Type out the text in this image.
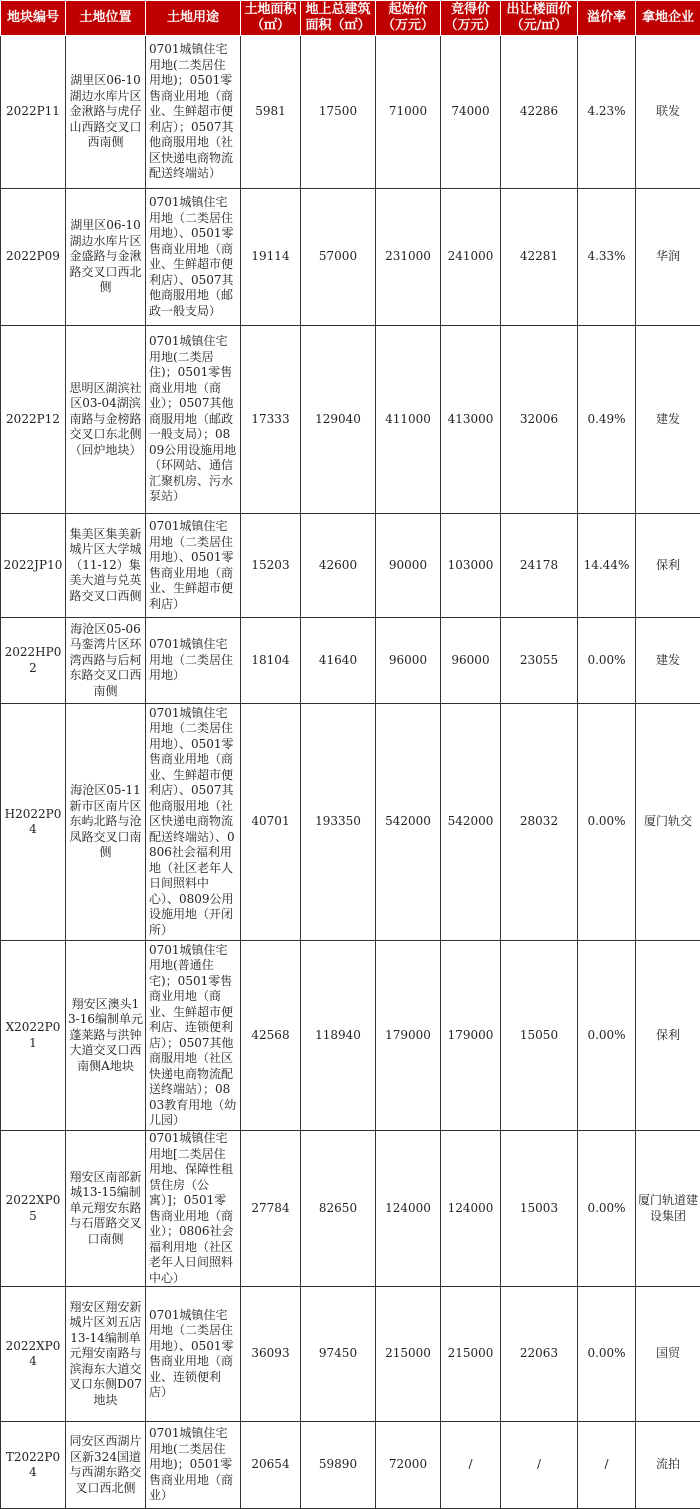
地块编号	土地位置	土地用途	土地面积（㎡）	地上总建筑面积（㎡）	起始价（万元）	竞得价（万元）	出让楼面价（元/㎡）	溢价率	拿地企业
2022P11	湖里区06-10湖边水库片区金湫路与虎仔山西路交叉口西南侧	0701城镇住宅用地(二类居住用地)；0501零售商业用地（商业、生鲜超市便利店）；0507其他商服用地（社区快递电商物流配送终端站）	5981	17500	71000	74000	42286	4.23%	联发
2022P09	湖里区06-10湖边水库片区金盛路与金湫路交叉口西北侧	0701城镇住宅用地（二类居住用地）、0501零售商业用地（商业、生鲜超市便利店）、0507其他商服用地（邮政一般支局）	19114	57000	231000	241000	42281	4.33%	华润
2022P12	思明区湖滨社区03-04湖滨南路与金榜路交叉口东北侧（回炉地块）	0701城镇住宅用地(二类居住)；0501零售商业用地（商业）；0507其他商服用地（邮政一般支局）；0809公用设施用地（环网站、通信汇聚机房、污水泵站）	17333	129040	411000	413000	32006	0.49%	建发
2022JP10	集美区集美新城片区大学城（11-12）集美大道与兑英路交叉口西侧	0701城镇住宅用地（二类居住用地）、0501零售商业用地（商业、生鲜超市便利店）	15203	42600	90000	103000	24178	14.44%	保利
2022HP02	海沧区05-06马銮湾片区环湾西路与后柯东路交叉口西南侧	0701城镇住宅用地（二类居住用地）	18104	41640	96000	96000	23055	0.00%	建发
H2022P04	海沧区05-11新市区南片区东屿北路与沧凤路交叉口南侧	0701城镇住宅用地（二类居住用地）、0501零售商业用地（商业、生鲜超市便利店）、0507其他商服用地（社区快递电商物流配送终端站）、0806社会福利用地（社区老年人日间照料中心）、0809公用设施用地（开闭所）	40701	193350	542000	542000	28032	0.00%	厦门轨交
X2022P01	翔安区澳头13-16编制单元蓬莱路与洪钟大道交叉口西南侧A地块	0701城镇住宅用地(普通住宅)；0501零售商业用地（商业、生鲜超市便利店、连锁便利店）；0507其他商服用地（社区快递电商物流配送终端站）；0803教育用地（幼儿园）	42568	118940	179000	179000	15050	0.00%	保利
2022XP05	翔安区南部新城13-15编制单元翔安东路与石厝路交叉口南侧	0701城镇住宅用地[二类居住用地、保障性租赁住房（公寓）]；0501零售商业用地（商业）；0806社会福利用地（社区老年人日间照料中心）	27784	82650	124000	124000	15003	0.00%	厦门轨道建设集团
2022XP04	翔安区翔安新城片区刘五店13-14编制单元翔安南路与滨海东大道交叉口东侧D07地块	0701城镇住宅用地（二类居住用地）、0501零售商业用地（商业、连锁便利店）	36093	97450	215000	215000	22063	0.00%	国贸
T2022P04	同安区西湖片区新324国道与西湖东路交叉口西北侧	0701城镇住宅用地(二类居住用地)；0501零售商业用地（商业）	20654	59890	72000	/	/	/	流拍
